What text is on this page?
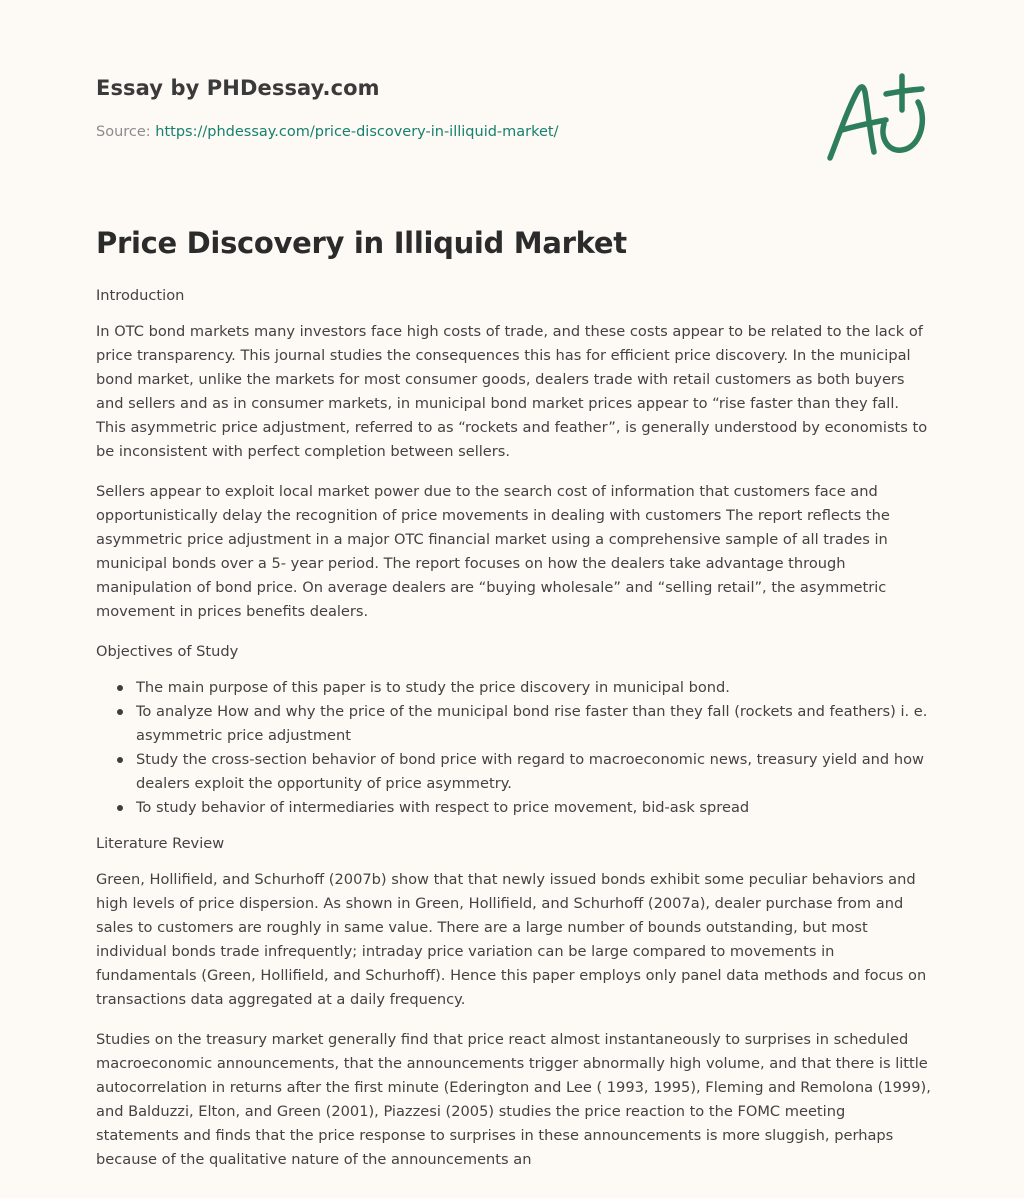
Essay by PHDessay.com
Source: https://phdessay.com/price-discovery-in-illiquid-market/
Price Discovery in Illiquid Market

Introduction

In OTC bond markets many investors face high costs of trade, and these costs appear to be related to the lack of price transparency. This journal studies the consequences this has for efficient price discovery. In the municipal bond market, unlike the markets for most consumer goods, dealers trade with retail customers as both buyers and sellers and as in consumer markets, in municipal bond market prices appear to “rise faster than they fall. This asymmetric price adjustment, referred to as “rockets and feather”, is generally understood by economists to be inconsistent with perfect completion between sellers.

Sellers appear to exploit local market power due to the search cost of information that customers face and opportunistically delay the recognition of price movements in dealing with customers The report reflects the asymmetric price adjustment in a major OTC financial market using a comprehensive sample of all trades in municipal bonds over a 5- year period. The report focuses on how the dealers take advantage through manipulation of bond price. On average dealers are “buying wholesale” and “selling retail”, the asymmetric movement in prices benefits dealers.

Objectives of Study

The main purpose of this paper is to study the price discovery in municipal bond.
To analyze How and why the price of the municipal bond rise faster than they fall (rockets and feathers) i. e. asymmetric price adjustment
Study the cross-section behavior of bond price with regard to macroeconomic news, treasury yield and how dealers exploit the opportunity of price asymmetry.
To study behavior of intermediaries with respect to price movement, bid-ask spread

Literature Review

Green, Hollifield, and Schurhoff (2007b) show that that newly issued bonds exhibit some peculiar behaviors and high levels of price dispersion. As shown in Green, Hollifield, and Schurhoff (2007a), dealer purchase from and sales to customers are roughly in same value. There are a large number of bounds outstanding, but most individual bonds trade infrequently; intraday price variation can be large compared to movements in fundamentals (Green, Hollifield, and Schurhoff). Hence this paper employs only panel data methods and focus on transactions data aggregated at a daily frequency.

Studies on the treasury market generally find that price react almost instantaneously to surprises in scheduled macroeconomic announcements, that the announcements trigger abnormally high volume, and that there is little autocorrelation in returns after the first minute (Ederington and Lee ( 1993, 1995), Fleming and Remolona (1999), and Balduzzi, Elton, and Green (2001), Piazzesi (2005) studies the price reaction to the FOMC meeting statements and finds that the price response to surprises in these announcements is more sluggish, perhaps because of the qualitative nature of the announcements an
